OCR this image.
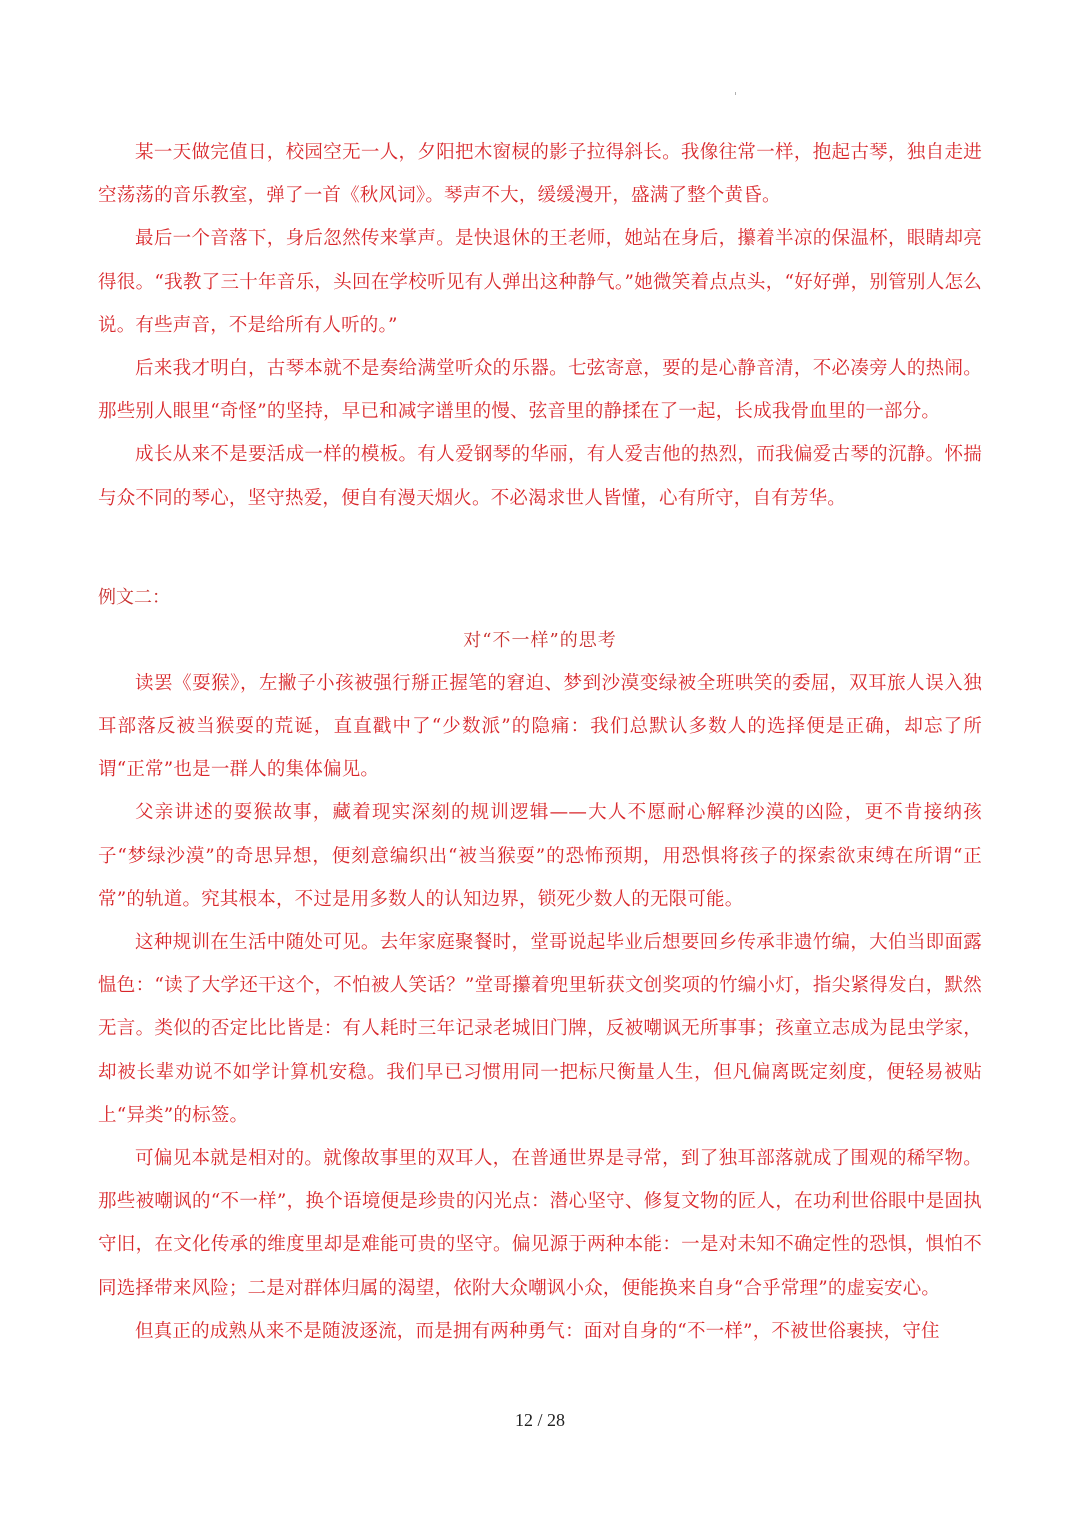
某一天做完值日，校园空无一人，夕阳把木窗棂的影子拉得斜长。我像往常一样，抱起古琴，独自走进空荡荡的音乐教室，弹了一首《秋风词》。琴声不大，缓缓漫开，盛满了整个黄昏。

最后一个音落下，身后忽然传来掌声。是快退休的王老师，她站在身后，攥着半凉的保温杯，眼睛却亮得很。“我教了三十年音乐，头回在学校听见有人弹出这种静气。”她微笑着点点头，“好好弹，别管别人怎么说。有些声音，不是给所有人听的。”

后来我才明白，古琴本就不是奏给满堂听众的乐器。七弦寄意，要的是心静音清，不必凑旁人的热闹。那些别人眼里“奇怪”的坚持，早已和减字谱里的慢、弦音里的静揉在了一起，长成我骨血里的一部分。

成长从来不是要活成一样的模板。有人爱钢琴的华丽，有人爱吉他的热烈，而我偏爱古琴的沉静。怀揣与众不同的琴心，坚守热爱，便自有漫天烟火。不必渴求世人皆懂，心有所守，自有芳华。

例文二：

对“不一样”的思考

读罢《耍猴》，左撇子小孩被强行掰正握笔的窘迫、梦到沙漠变绿被全班哄笑的委屈，双耳旅人误入独耳部落反被当猴耍的荒诞，直直戳中了“少数派”的隐痛：我们总默认多数人的选择便是正确，却忘了所谓“正常”也是一群人的集体偏见。

父亲讲述的耍猴故事，藏着现实深刻的规训逻辑——大人不愿耐心解释沙漠的凶险，更不肯接纳孩子“梦绿沙漠”的奇思异想，便刻意编织出“被当猴耍”的恐怖预期，用恐惧将孩子的探索欲束缚在所谓“正常”的轨道。究其根本，不过是用多数人的认知边界，锁死少数人的无限可能。

这种规训在生活中随处可见。去年家庭聚餐时，堂哥说起毕业后想要回乡传承非遗竹编，大伯当即面露愠色：“读了大学还干这个，不怕被人笑话？”堂哥攥着兜里斩获文创奖项的竹编小灯，指尖紧得发白，默然无言。类似的否定比比皆是：有人耗时三年记录老城旧门牌，反被嘲讽无所事事；孩童立志成为昆虫学家，却被长辈劝说不如学计算机安稳。我们早已习惯用同一把标尺衡量人生，但凡偏离既定刻度，便轻易被贴上“异类”的标签。

可偏见本就是相对的。就像故事里的双耳人，在普通世界是寻常，到了独耳部落就成了围观的稀罕物。那些被嘲讽的“不一样”，换个语境便是珍贵的闪光点：潜心坚守、修复文物的匠人，在功利世俗眼中是固执守旧，在文化传承的维度里却是难能可贵的坚守。偏见源于两种本能：一是对未知不确定性的恐惧，惧怕不同选择带来风险；二是对群体归属的渴望，依附大众嘲讽小众，便能换来自身“合乎常理”的虚妄安心。

但真正的成熟从来不是随波逐流，而是拥有两种勇气：面对自身的“不一样”，不被世俗裹挟，守住

12 / 28
